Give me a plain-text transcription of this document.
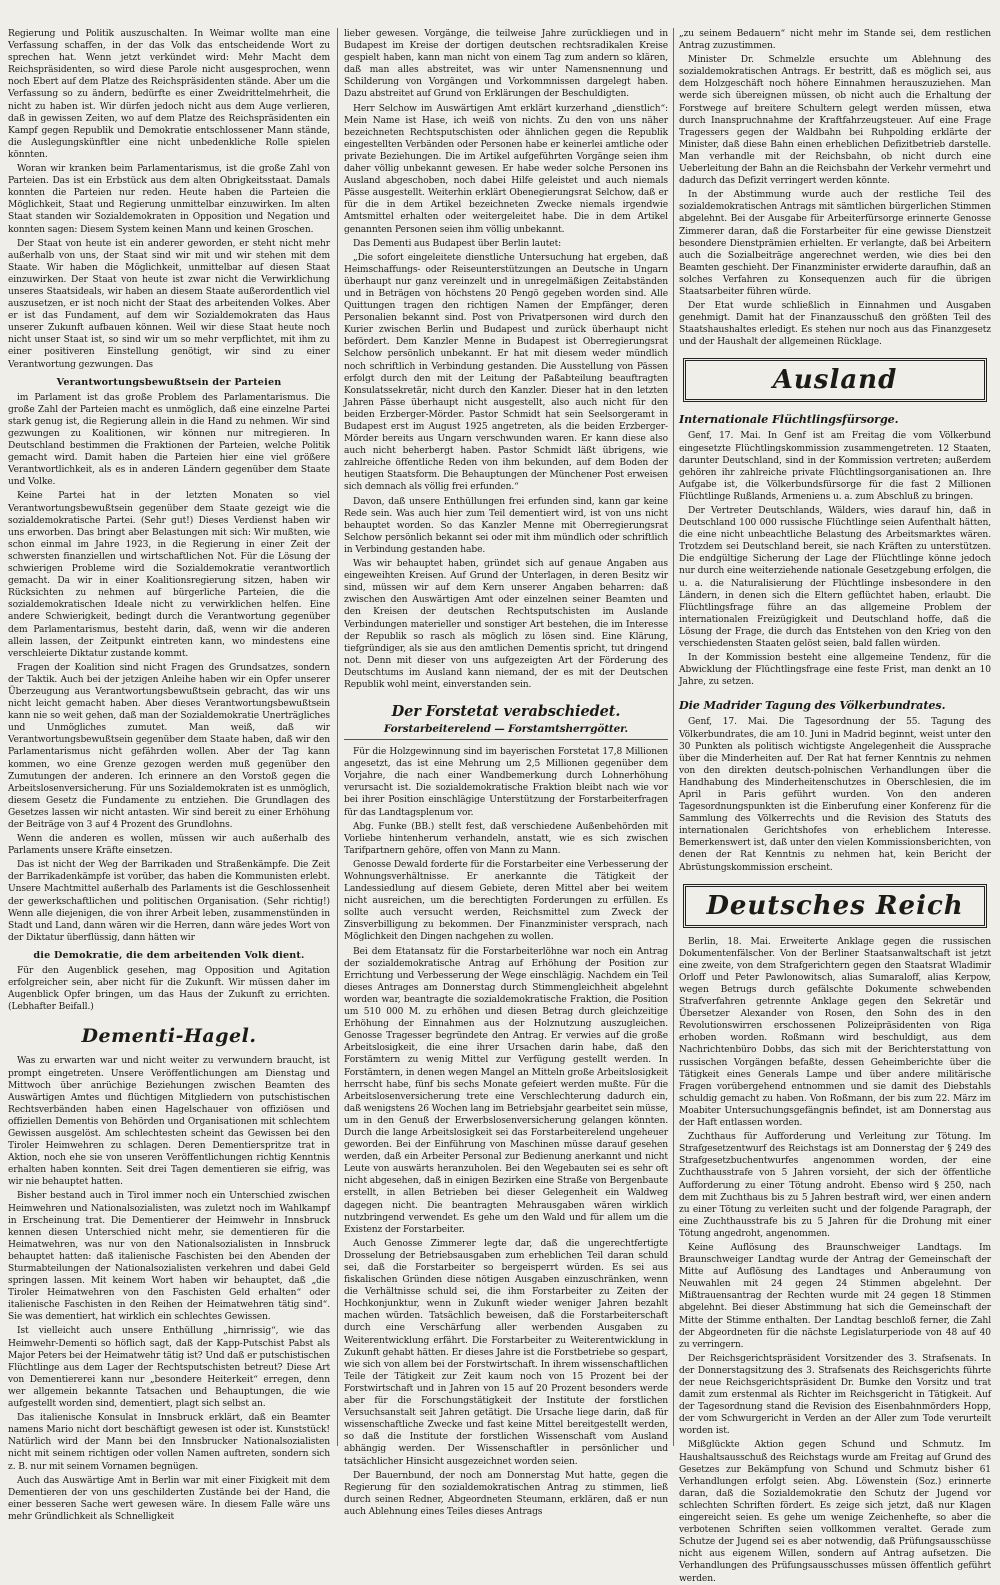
Regierung und Politik auszuschalten. In Weimar wollte man eine Verfassung schaffen, in der das Volk das entscheidende Wort zu sprechen hat. Wenn jetzt verkündet wird: Mehr Macht dem Reichspräsidenten, so wird diese Parole nicht ausgesprochen, wenn noch Ebert auf dem Platze des Reichspräsidenten stände. Aber um die Verfassung so zu ändern, bedürfte es einer Zweidrittelmehrheit, die nicht zu haben ist. Wir dürfen jedoch nicht aus dem Auge verlieren, daß in gewissen Zeiten, wo auf dem Platze des Reichspräsidenten ein Kampf gegen Republik und Demokratie entschlossener Mann stände, die Auslegungskünftler eine nicht unbedenkliche Rolle spielen könnten.

Woran wir kranken beim Parlamentarismus, ist die große Zahl von Parteien. Das ist ein Erbstück aus dem alten Obrigkeitsstaat. Damals konnten die Parteien nur reden. Heute haben die Parteien die Möglichkeit, Staat und Regierung unmittelbar einzuwirken. Im alten Staat standen wir Sozialdemokraten in Opposition und Negation und konnten sagen: Diesem System keinen Mann und keinen Groschen.

Der Staat von heute ist ein anderer geworden, er steht nicht mehr außerhalb von uns, der Staat sind wir mit und wir stehen mit dem Staate. Wir haben die Möglichkeit, unmittelbar auf diesen Staat einzuwirken. Der Staat von heute ist zwar nicht die Verwirklichung unseres Staatsideals, wir haben an diesem Staate außerordentlich viel auszusetzen, er ist noch nicht der Staat des arbeitenden Volkes. Aber er ist das Fundament, auf dem wir Sozialdemokraten das Haus unserer Zukunft aufbauen können. Weil wir diese Staat heute noch nicht unser Staat ist, so sind wir um so mehr verpflichtet, mit ihm zu einer positiveren Einstellung genötigt, wir sind zu einer Verantwortung gezwungen. Das

Verantwortungsbewußtsein der Parteien

im Parlament ist das große Problem des Parlamentarismus. Die große Zahl der Parteien macht es unmöglich, daß eine einzelne Partei stark genug ist, die Regierung allein in die Hand zu nehmen. Wir sind gezwungen zu Koalitionen, wir können nur mitregieren. In Deutschland bestimmen die Fraktionen der Parteien, welche Politik gemacht wird. Damit haben die Parteien hier eine viel größere Verantwortlichkeit, als es in anderen Ländern gegenüber dem Staate und Volke.

Keine Partei hat in der letzten Monaten so viel Verantwortungsbewußtsein gegenüber dem Staate gezeigt wie die sozialdemokratische Partei. (Sehr gut!) Dieses Verdienst haben wir uns erworben. Das bringt aber Belastungen mit sich: Wir mußten, wie schon einmal im Jahre 1923, in die Regierung in einer Zeit der schwersten finanziellen und wirtschaftlichen Not. Für die Lösung der schwierigen Probleme wird die Sozialdemokratie verantwortlich gemacht. Da wir in einer Koalitionsregierung sitzen, haben wir Rücksichten zu nehmen auf bürgerliche Parteien, die die sozialdemokratischen Ideale nicht zu verwirklichen helfen. Eine andere Schwierigkeit, bedingt durch die Verantwortung gegenüber dem Parlamentarismus, besteht darin, daß, wenn wir die anderen allein lassen, der Zeitpunkt eintreten kann, wo mindestens eine verschleierte Diktatur zustande kommt.

Fragen der Koalition sind nicht Fragen des Grundsatzes, sondern der Taktik. Auch bei der jetzigen Anleihe haben wir ein Opfer unserer Überzeugung aus Verantwortungsbewußtsein gebracht, das wir uns nicht leicht gemacht haben. Aber dieses Verantwortungsbewußtsein kann nie so weit gehen, daß man der Sozialdemokratie Unerträgliches und Unmögliches zumutet. Man weiß, daß wir Verantwortungsbewußtsein gegenüber dem Staate haben, daß wir den Parlamentarismus nicht gefährden wollen. Aber der Tag kann kommen, wo eine Grenze gezogen werden muß gegenüber den Zumutungen der anderen. Ich erinnere an den Vorstoß gegen die Arbeitslosenversicherung. Für uns Sozialdemokraten ist es unmöglich, diesem Gesetz die Fundamente zu entziehen. Die Grundlagen des Gesetzes lassen wir nicht antasten. Wir sind bereit zu einer Erhöhung der Beiträge von 3 auf 4 Prozent des Grundlohns.

Wenn die anderen es wollen, müssen wir auch außerhalb des Parlaments unsere Kräfte einsetzen.

Das ist nicht der Weg der Barrikaden und Straßenkämpfe. Die Zeit der Barrikadenkämpfe ist vorüber, das haben die Kommunisten erlebt. Unsere Machtmittel außerhalb des Parlaments ist die Geschlossenheit der gewerkschaftlichen und politischen Organisation. (Sehr richtig!) Wenn alle diejenigen, die von ihrer Arbeit leben, zusammenstünden in Stadt und Land, dann wären wir die Herren, dann wäre jedes Wort von der Diktatur überflüssig, dann hätten wir

die Demokratie, die dem arbeitenden Volk dient.

Für den Augenblick gesehen, mag Opposition und Agitation erfolgreicher sein, aber nicht für die Zukunft. Wir müssen daher im Augenblick Opfer bringen, um das Haus der Zukunft zu errichten. (Lebhafter Beifall.)

Dementi-Hagel.

Was zu erwarten war und nicht weiter zu verwundern braucht, ist prompt eingetreten. Unsere Veröffentlichungen am Dienstag und Mittwoch über anrüchige Beziehungen zwischen Beamten des Auswärtigen Amtes und flüchtigen Mitgliedern von putschistischen Rechtsverbänden haben einen Hagelschauer von offiziösen und offiziellen Dementis von Behörden und Organisationen mit schlechtem Gewissen ausgelöst. Am schlechtesten scheint das Gewissen bei den Tiroler Heimwehren zu schlagen. Deren Dementierspritze trat in Aktion, noch ehe sie von unseren Veröffentlichungen richtig Kenntnis erhalten haben konnten. Seit drei Tagen dementieren sie eifrig, was wir nie behauptet hatten.

Bisher bestand auch in Tirol immer noch ein Unterschied zwischen Heimwehren und Nationalsozialisten, was zuletzt noch im Wahlkampf in Erscheinung trat. Die Dementierer der Heimwehr in Innsbruck kennen diesen Unterschied nicht mehr, sie dementieren für die Heimatwehren, was nur von den Nationalsozialisten in Innsbruck behauptet hatten: daß italienische Faschisten bei den Abenden der Sturmabteilungen der Nationalsozialisten verkehren und dabei Geld springen lassen. Mit keinem Wort haben wir behauptet, daß „die Tiroler Heimatwehren von den Faschisten Geld erhalten“ oder italienische Faschisten in den Reihen der Heimatwehren tätig sind“. Sie was dementiert, hat wirklich ein schlechtes Gewissen.

Ist vielleicht auch unsere Enthüllung „hirnrissig“, wie das Heimwehr-Dementi so höflich sagt, daß der Kapp-Putschist Pabst als Major Peters bei der Heimatwehr tätig ist? Und daß er putschistischen Flüchtlinge aus dem Lager der Rechtsputschisten betreut? Diese Art von Dementiererei kann nur „besondere Heiterkeit“ erregen, denn wer allgemein bekannte Tatsachen und Behauptungen, die wie aufgestellt worden sind, dementiert, plagt sich selbst an.

Das italienische Konsulat in Innsbruck erklärt, daß ein Beamter namens Mario nicht dort beschäftigt gewesen ist oder ist. Kunststück! Natürlich wird der Mann bei den Innsbrucker Nationalsozialisten nicht mit seinem richtigen oder vollen Namen auftreten, sondern sich z. B. nur mit seinem Vornamen begnügen.

Auch das Auswärtige Amt in Berlin war mit einer Fixigkeit mit dem Dementieren der von uns geschilderten Zustände bei der Hand, die einer besseren Sache wert gewesen wäre. In diesem Falle wäre uns mehr Gründlichkeit als Schnelligkeit

lieber gewesen. Vorgänge, die teilweise Jahre zurückliegen und in Budapest im Kreise der dortigen deutschen rechtsradikalen Kreise gespielt haben, kann man nicht von einem Tag zum andern so klären, daß man alles abstreitet, was wir unter Namensnennung und Schilderung von Vorgängen und Vorkommnissen dargelegt haben. Dazu abstreitet auf Grund von Erklärungen der Beschuldigten.

Herr Selchow im Auswärtigen Amt erklärt kurzerhand „dienstlich“: Mein Name ist Hase, ich weiß von nichts. Zu den von uns näher bezeichneten Rechtsputschisten oder ähnlichen gegen die Republik eingestellten Verbänden oder Personen habe er keinerlei amtliche oder private Beziehungen. Die im Artikel aufgeführten Vorgänge seien ihm daher völlig unbekannt gewesen. Er habe weder solche Personen ins Ausland abgeschoben, noch dabei Hilfe geleistet und auch niemals Pässe ausgestellt. Weiterhin erklärt Obenegierungsrat Selchow, daß er für die in dem Artikel bezeichneten Zwecke niemals irgendwie Amtsmittel erhalten oder weitergeleitet habe. Die in dem Artikel genannten Personen seien ihm völlig unbekannt.

Das Dementi aus Budapest über Berlin lautet:

„Die sofort eingeleitete dienstliche Untersuchung hat ergeben, daß Heimschaffungs- oder Reiseunterstützungen an Deutsche in Ungarn überhaupt nur ganz vereinzelt und in unregelmäßigen Zeitabständen und in Beträgen von höchstens 20 Pengö gegeben worden sind. Alle Quittungen tragen den richtigen Namen der Empfänger, deren Personalien bekannt sind. Post von Privatpersonen wird durch den Kurier zwischen Berlin und Budapest und zurück überhaupt nicht befördert. Dem Kanzler Menne in Budapest ist Oberregierungsrat Selchow persönlich unbekannt. Er hat mit diesem weder mündlich noch schriftlich in Verbindung gestanden. Die Ausstellung von Pässen erfolgt durch den mit der Leitung der Paßabteilung beauftragten Konsulatssekretär, nicht durch den Kanzler. Dieser hat in den letzten Jahren Pässe überhaupt nicht ausgestellt, also auch nicht für den beiden Erzberger-Mörder. Pastor Schmidt hat sein Seelsorgeramt in Budapest erst im August 1925 angetreten, als die beiden Erzberger-Mörder bereits aus Ungarn verschwunden waren. Er kann diese also auch nicht beherbergt haben. Pastor Schmidt läßt übrigens, wie zahlreiche öffentliche Reden von ihm bekunden, auf dem Boden der heutigen Staatsform. Die Behauptungen der Münchener Post erweisen sich demnach als völlig frei erfunden.“

Davon, daß unsere Enthüllungen frei erfunden sind, kann gar keine Rede sein. Was auch hier zum Teil dementiert wird, ist von uns nicht behauptet worden. So das Kanzler Menne mit Oberregierungsrat Selchow persönlich bekannt sei oder mit ihm mündlich oder schriftlich in Verbindung gestanden habe.

Was wir behauptet haben, gründet sich auf genaue Angaben aus eingeweihten Kreisen. Auf Grund der Unterlagen, in deren Besitz wir sind, müssen wir auf dem Kern unserer Angaben beharren: daß zwischen den Auswärtigen Amt oder einzelnen seiner Beamten und den Kreisen der deutschen Rechtsputschisten im Auslande Verbindungen materieller und sonstiger Art bestehen, die im Interesse der Republik so rasch als möglich zu lösen sind. Eine Klärung, tiefgründiger, als sie aus den amtlichen Dementis spricht, tut dringend not. Denn mit dieser von uns aufgezeigten Art der Förderung des Deutschtums im Ausland kann niemand, der es mit der Deutschen Republik wohl meint, einverstanden sein.

Der Forstetat verabschiedet.
Forstarbeiterelend — Forstamtsherrgötter.

Für die Holzgewinnung sind im bayerischen Forstetat 17,8 Millionen angesetzt, das ist eine Mehrung um 2,5 Millionen gegenüber dem Vorjahre, die nach einer Wandbemerkung durch Lohnerhöhung verursacht ist. Die sozialdemokratische Fraktion bleibt nach wie vor bei ihrer Position einschlägige Unterstützung der Forstarbeiterfragen für das Landtagsplenum vor.

Abg. Funke (BB.) stellt fest, daß verschiedene Außenbehörden mit Vorliebe hintenherum verhandeln, anstatt, wie es sich zwischen Tarifpartnern gehöre, offen von Mann zu Mann.

Genosse Dewald forderte für die Forstarbeiter eine Verbesserung der Wohnungsverhältnisse. Er anerkannte die Tätigkeit der Landessiedlung auf diesem Gebiete, deren Mittel aber bei weitem nicht ausreichen, um die berechtigten Forderungen zu erfüllen. Es sollte auch versucht werden, Reichsmittel zum Zweck der Zinsverbilligung zu bekommen. Der Finanzminister versprach, nach Möglichkeit den Dingen nachgehen zu wollen.

Bei dem Etatansatz für die Forstarbeiterlöhne war noch ein Antrag der sozialdemokratische Antrag auf Erhöhung der Position zur Errichtung und Verbesserung der Wege einschlägig. Nachdem ein Teil dieses Antrages am Donnerstag durch Stimmengleichheit abgelehnt worden war, beantragte die sozialdemokratische Fraktion, die Position um 510 000 M. zu erhöhen und diesen Betrag durch gleichzeitige Erhöhung der Einnahmen aus der Holznutzung auszugleichen. Genosse Tragesser begründete den Antrag. Er verwies auf die große Arbeitslosigkeit, die eine ihrer Ursachen darin habe, daß den Forstämtern zu wenig Mittel zur Verfügung gestellt werden. In Forstämtern, in denen wegen Mangel an Mitteln große Arbeitslosigkeit herrscht habe, fünf bis sechs Monate gefeiert werden mußte. Für die Arbeitslosenversicherung trete eine Verschlechterung dadurch ein, daß wenigstens 26 Wochen lang im Betriebsjahr gearbeitet sein müsse, um in den Genuß der Erwerbslosenversicherung gelangen könnten. Durch die lange Arbeitslosigkeit sei das Forstarbeiterelend ungeheuer geworden. Bei der Einführung von Maschinen müsse darauf gesehen werden, daß ein Arbeiter Personal zur Bedienung anerkannt und nicht Leute von auswärts heranzuholen. Bei den Wegebauten sei es sehr oft nicht abgesehen, daß in einigen Bezirken eine Straße von Bergenbaute erstellt, in allen Betrieben bei dieser Gelegenheit ein Waldweg dagegen nicht. Die beantragten Mehrausgaben wären wirklich nutzbringend verwendet. Es gehe um den Wald und für allem um die Existenz der Forstarbeiter.

Auch Genosse Zimmerer legte dar, daß die ungerechtfertigte Drosselung der Betriebsausgaben zum erheblichen Teil daran schuld sei, daß die Forstarbeiter so bergeisperrt würden. Es sei aus fiskalischen Gründen diese nötigen Ausgaben einzuschränken, wenn die Verhältnisse schuld sei, die ihm Forstarbeiter zu Zeiten der Hochkonjunktur, wenn in Zukunft wieder weniger Jahren bezahlt machen würden. Tatsächlich beweisen, daß die Forstarbeiterschaft durch eine Verschärfung aller werbenden Ausgaben zu Weiterentwicklung erfährt. Die Forstarbeiter zu Weiterentwicklung in Zukunft gehabt hätten. Er dieses Jahre ist die Forstbetriebe so gespart, wie sich von allem bei der Forstwirtschaft. In ihrem wissenschaftlichen Teile der Tätigkeit zur Zeit kaum noch von 15 Prozent bei der Forstwirtschaft und in Jahren von 15 auf 20 Prozent besonders werde aber für die Forschungstätigkeit der Institute der forstlichen Versuchsanstalt seit Jahren getätigt. Die Ursache liege darin, daß für wissenschaftliche Zwecke und fast keine Mittel bereitgestellt werden, so daß die Institute der forstlichen Wissenschaft vom Ausland abhängig werden. Der Wissenschaftler in persönlicher und tatsächlicher Hinsicht ausgezeichnet worden seien.

Der Bauernbund, der noch am Donnerstag Mut hatte, gegen die Regierung für den sozialdemokratischen Antrag zu stimmen, ließ durch seinen Redner, Abgeordneten Steumann, erklären, daß er nun auch Ablehnung eines Teiles dieses Antrags

„zu seinem Bedauern“ nicht mehr im Stande sei, dem restlichen Antrag zuzustimmen.

Minister Dr. Schmelzle ersuchte um Ablehnung des sozialdemokratischen Antrags. Er bestritt, daß es möglich sei, aus dem Holzgeschäft noch höhere Einnahmen herauszuziehen. Man werde sich übereignen müssen, ob nicht auch die Erhaltung der Forstwege auf breitere Schultern gelegt werden müssen, etwa durch Inanspruchnahme der Kraftfahrzeugsteuer. Auf eine Frage Tragessers gegen der Waldbahn bei Ruhpolding erklärte der Minister, daß diese Bahn einen erheblichen Defizitbetrieb darstelle. Man verhandle mit der Reichsbahn, ob nicht durch eine Ueberleitung der Bahn an die Reichsbahn der Verkehr vermehrt und dadurch das Defizit verringert werden könnte.

In der Abstimmung wurde auch der restliche Teil des sozialdemokratischen Antrags mit sämtlichen bürgerlichen Stimmen abgelehnt. Bei der Ausgabe für Arbeiterfürsorge erinnerte Genosse Zimmerer daran, daß die Forstarbeiter für eine gewisse Dienstzeit besondere Dienstprämien erhielten. Er verlangte, daß bei Arbeitern auch die Sozialbeiträge angerechnet werden, wie dies bei den Beamten geschieht. Der Finanzminister erwiderte daraufhin, daß an solches Verfahren zu Konsequenzen auch für die übrigen Staatsarbeiter führen würde.

Der Etat wurde schließlich in Einnahmen und Ausgaben genehmigt. Damit hat der Finanzausschuß den größten Teil des Staatshaushaltes erledigt. Es stehen nur noch aus das Finanzgesetz und der Haushalt der allgemeinen Rücklage.

Ausland
Internationale Flüchtlingsfürsorge.

Genf, 17. Mai. In Genf ist am Freitag die vom Völkerbund eingesetzte Flüchtlingskommission zusammengetreten. 12 Staaten, darunter Deutschland, sind in der Kommission vertreten; außerdem gehören ihr zahlreiche private Flüchtlingsorganisationen an. Ihre Aufgabe ist, die Völkerbundsfürsorge für die fast 2 Millionen Flüchtlinge Rußlands, Armeniens u. a. zum Abschluß zu bringen.

Der Vertreter Deutschlands, Wälders, wies darauf hin, daß in Deutschland 100 000 russische Flüchtlinge seien Aufenthalt hätten, die eine nicht unbeachtliche Belastung des Arbeitsmarktes wären. Trotzdem sei Deutschland bereit, sie nach Kräften zu unterstützen. Die endgültige Sicherung der Lage der Flüchtlinge könne jedoch nur durch eine weiterziehende nationale Gesetzgebung erfolgen, die u. a. die Naturalisierung der Flüchtlinge insbesondere in den Ländern, in denen sich die Eltern geflüchtet haben, erlaubt. Die Flüchtlingsfrage führe an das allgemeine Problem der internationalen Freizügigkeit und Deutschland hoffe, daß die Lösung der Frage, die durch das Entstehen von den Krieg von den verschiedensten Staaten gelöst seien, bald fallen würden.

In der Kommission besteht eine allgemeine Tendenz, für die Abwicklung der Flüchtlingsfrage eine feste Frist, man denkt an 10 Jahre, zu setzen.

Die Madrider Tagung des Völkerbundrates.

Genf, 17. Mai. Die Tagesordnung der 55. Tagung des Völkerbundrates, die am 10. Juni in Madrid beginnt, weist unter den 30 Punkten als politisch wichtigste Angelegenheit die Aussprache über die Minderheiten auf. Der Rat hat ferner Kenntnis zu nehmen von den direkten deutsch-polnischen Verhandlungen über die Handhabung des Minderheitenschutzes in Oberschlesien, die im April in Paris geführt wurden. Von den anderen Tagesordnungspunkten ist die Einberufung einer Konferenz für die Sammlung des Völkerrechts und die Revision des Statuts des internationalen Gerichtshofes von erheblichem Interesse. Bemerkenswert ist, daß unter den vielen Kommissionsberichten, von denen der Rat Kenntnis zu nehmen hat, kein Bericht der Abrüstungskommission erscheint.

Deutsches Reich

Berlin, 18. Mai. Erweiterte Anklage gegen die russischen Dokumentenfälscher. Von der Berliner Staatsanwaltschaft ist jetzt eine zweite, von dem Strafgerichtern gegen den Staatsrat Wladimir Orloff und Peter Pawlonowitsch, alias Sumaraloff, alias Kerpow, wegen Betrugs durch gefälschte Dokumente schwebenden Strafverfahren getrennte Anklage gegen den Sekretär und Übersetzer Alexander von Rosen, den Sohn des in den Revolutionswirren erschossenen Polizeipräsidenten von Riga erhoben worden. Roßmann wird beschuldigt, aus dem Nachrichtenbüro Dobbs, das sich mit der Berichterstattung von russischen Vorgängen befaßte, dessen Geheimberichte über die Tätigkeit eines Generals Lampe und über andere militärische Fragen vorübergehend entnommen und sie damit des Diebstahls schuldig gemacht zu haben. Von Roßmann, der bis zum 22. März im Moabiter Untersuchungsgefängnis befindet, ist am Donnerstag aus der Haft entlassen worden.

Zuchthaus für Aufforderung und Verleitung zur Tötung. Im Strafgesetzentwurf des Reichstags ist am Donnerstag der § 249 des Strafgesetzbuchentwurfes angenommen worden, der eine Zuchthausstrafe von 5 Jahren vorsieht, der sich der öffentliche Aufforderung zu einer Tötung androht. Ebenso wird § 250, nach dem mit Zuchthaus bis zu 5 Jahren bestraft wird, wer einen andern zu einer Tötung zu verleiten sucht und der folgende Paragraph, der eine Zuchthausstrafe bis zu 5 Jahren für die Drohung mit einer Tötung angedroht, angenommen.

Keine Auflösung des Braunschweiger Landtags. Im Braunschweiger Landtag wurde der Antrag der Gemeinschaft der Mitte auf Auflösung des Landtages und Anberaumung von Neuwahlen mit 24 gegen 24 Stimmen abgelehnt. Der Mißtrauensantrag der Rechten wurde mit 24 gegen 18 Stimmen abgelehnt. Bei dieser Abstimmung hat sich die Gemeinschaft der Mitte der Stimme enthalten. Der Landtag beschloß ferner, die Zahl der Abgeordneten für die nächste Legislaturperiode von 48 auf 40 zu verringern.

Der Reichsgerichtspräsident Vorsitzender des 3. Strafsenats. In der Donnerstagsitzung des 3. Strafsenats des Reichsgerichts führte der neue Reichsgerichtspräsident Dr. Bumke den Vorsitz und trat damit zum erstenmal als Richter im Reichsgericht in Tätigkeit. Auf der Tagesordnung stand die Revision des Eisenbahnmörders Hopp, der vom Schwurgericht in Verden an der Aller zum Tode verurteilt worden ist.

Mißglückte Aktion gegen Schund und Schmutz. Im Haushaltsausschuß des Reichstags wurde am Freitag auf Grund des Gesetzes zur Bekämpfung von Schund und Schmutz bisher 61 Verhandlungen erfolgt seien. Abg. Löwenstein (Soz.) erinnerte daran, daß die Sozialdemokratie den Schutz der Jugend vor schlechten Schriften fördert. Es zeige sich jetzt, daß nur Klagen eingereicht seien. Es gehe um wenige Zeichenhefte, so aber die verbotenen Schriften seien vollkommen veraltet. Gerade zum Schutze der Jugend sei es aber notwendig, daß Prüfungsausschüsse nicht aus eigenem Willen, sondern auf Antrag aufsetzen. Die Verhandlungen des Prüfungsausschusses müssen öffentlich geführt werden.
